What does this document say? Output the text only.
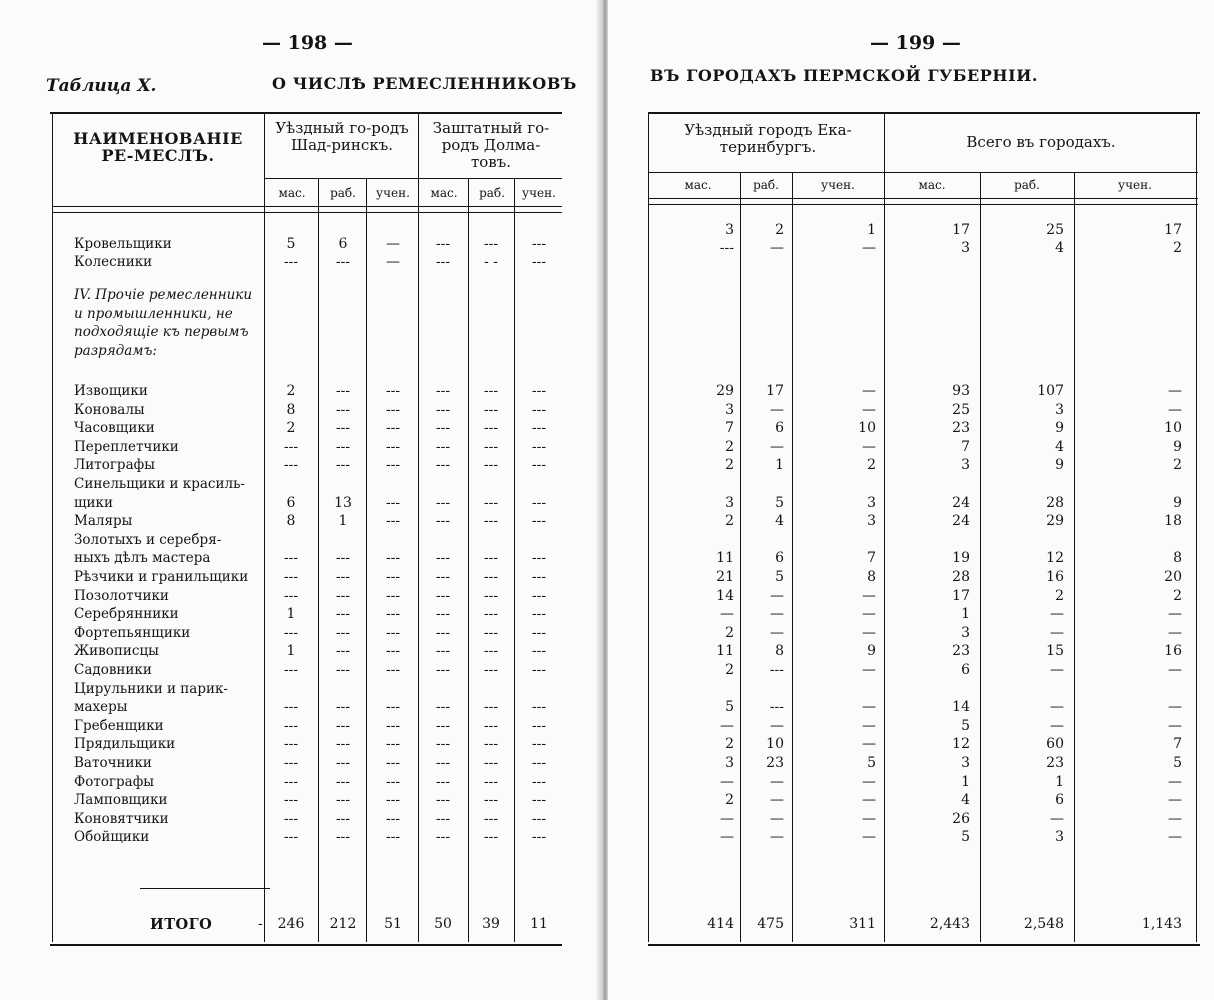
— 198 —
Таблица X.	О ЧИСЛѢ РЕМЕСЛЕННИКОВЪ
НАИМЕНОВАНІЕ РЕ-МЕСЛЪ.
Уѣздный го-родъ Шад-ринскъ.
Заштатный го-родъ Долма-товъ.
мас.	раб.	учен.	мас.	раб.	учен.
IV. Прочіе ремесленники и промышленники, не подходящіе къ первымъ разрядамъ:
Кровельщики	5	6	—	---	---	---
Колесники	---	---	—	---	- -	---
Извощики	2	---	---	---	---	---
Коновалы	8	---	---	---	---	---
Часовщики	2	---	---	---	---	---
Переплетчики	---	---	---	---	---	---
Литографы	---	---	---	---	---	---
Синельщики и красиль-
щики	6	13	---	---	---	---
Маляры	8	1	---	---	---	---
Золотыхъ и серебря-
ныхъ дѣлъ мастера	---	---	---	---	---	---
Рѣзчики и гранильщики	---	---	---	---	---	---
Позолотчики	---	---	---	---	---	---
Серебрянники	1	---	---	---	---	---
Фортепьянщики	---	---	---	---	---	---
Живописцы	1	---	---	---	---	---
Садовники	---	---	---	---	---	---
Цирульники и парик-
махеры	---	---	---	---	---	---
Гребенщики	---	---	---	---	---	---
Прядильщики	---	---	---	---	---	---
Ваточники	---	---	---	---	---	---
Фотографы	---	---	---	---	---	---
Ламповщики	---	---	---	---	---	---
Коновятчики	---	---	---	---	---	---
Обойщики	---	---	---	---	---	---
ИТОГО	-	246	212	51	50	39	11
— 199 —
ВЪ ГОРОДАХЪ ПЕРМСКОЙ ГУБЕРНІИ.
Уѣздный городъ Ека-теринбургъ.	Всего въ городахъ.
мас.	раб.	учен.	мас.	раб.	учен.
3	2	1	17	25	17
---	—	—	3	4	2
29	17	—	93	107	—
3	—	—	25	3	—
7	6	10	23	9	10
2	—	—	7	4	9
2	1	2	3	9	2
3	5	3	24	28	9
2	4	3	24	29	18
11	6	7	19	12	8
21	5	8	28	16	20
14	—	—	17	2	2
—	—	—	1	—	—
2	—	—	3	—	—
11	8	9	23	15	16
2	---	—	6	—	—
5	---	—	14	—	—
—	—	—	5	—	—
2	10	—	12	60	7
3	23	5	3	23	5
—	—	—	1	1	—
2	—	—	4	6	—
—	—	—	26	—	—
—	—	—	5	3	—
414	475	311	2,443	2,548	1,143
